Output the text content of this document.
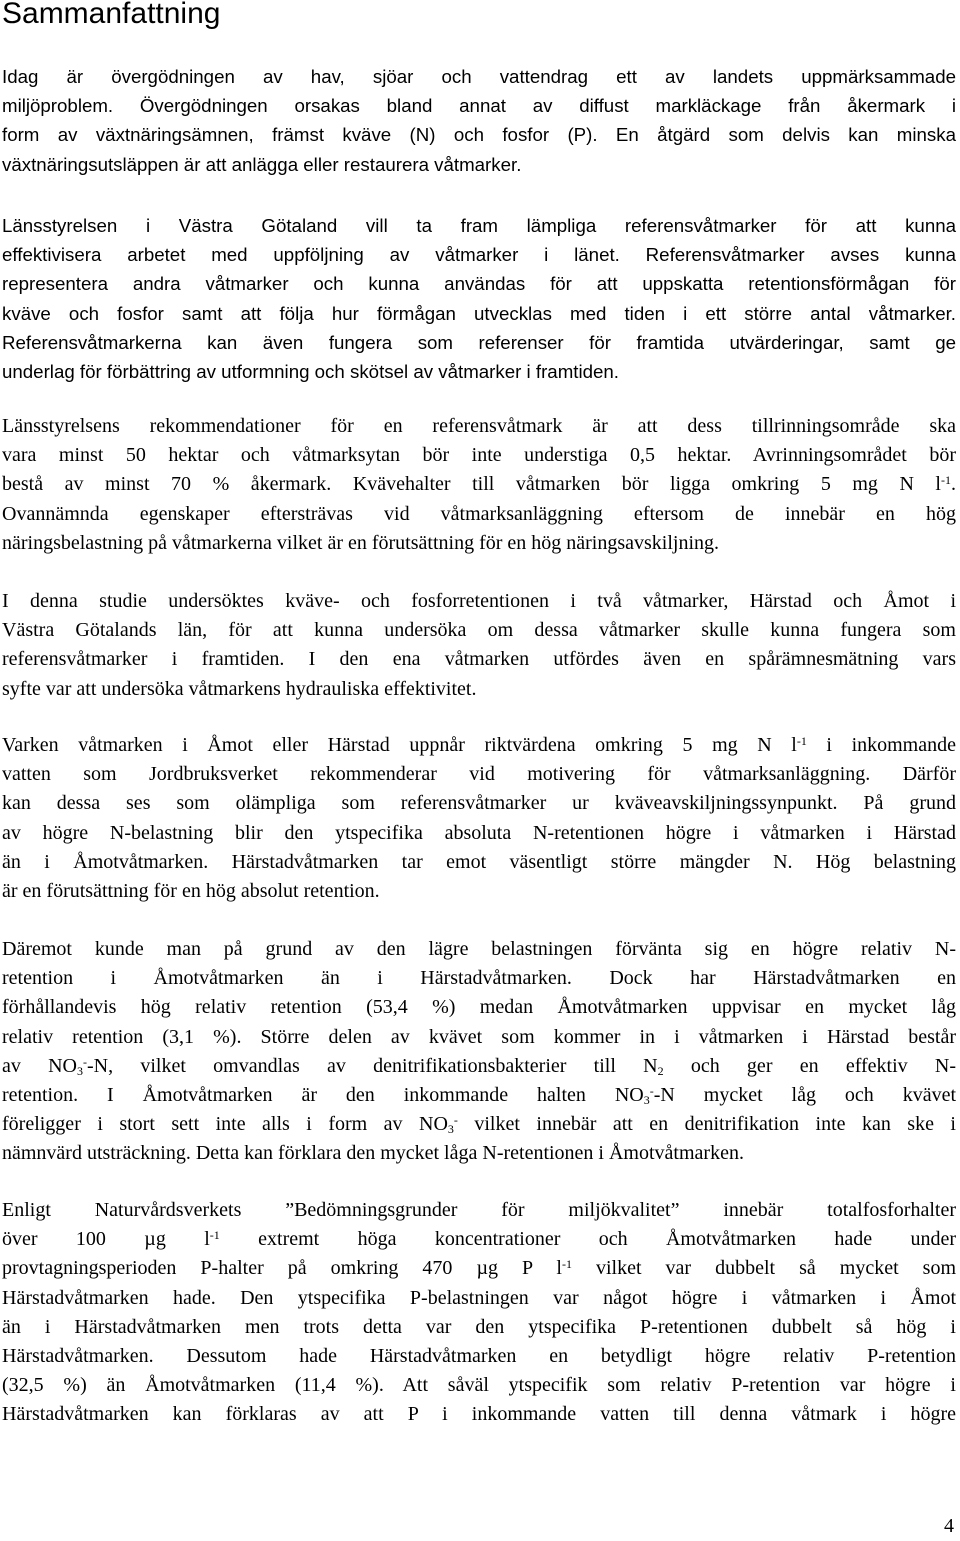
Sammanfattning
Idag är övergödningen av hav, sjöar och vattendrag ett av landets uppmärksammade
miljöproblem. Övergödningen orsakas bland annat av diffust markläckage från åkermark i
form av växtnäringsämnen, främst kväve (N) och fosfor (P). En åtgärd som delvis kan minska
växtnäringsutsläppen är att anlägga eller restaurera våtmarker.
Länsstyrelsen i Västra Götaland vill ta fram lämpliga referensvåtmarker för att kunna
effektivisera arbetet med uppföljning av våtmarker i länet. Referensvåtmarker avses kunna
representera andra våtmarker och kunna användas för att uppskatta retentionsförmågan för
kväve och fosfor samt att följa hur förmågan utvecklas med tiden i ett större antal våtmarker.
Referensvåtmarkerna kan även fungera som referenser för framtida utvärderingar, samt ge
underlag för förbättring av utformning och skötsel av våtmarker i framtiden.
Länsstyrelsens rekommendationer för en referensvåtmark är att dess tillrinningsområde ska
vara minst 50 hektar och våtmarksytan bör inte understiga 0,5 hektar. Avrinningsområdet bör
bestå av minst 70 % åkermark. Kvävehalter till våtmarken bör ligga omkring 5 mg N $l^{-1}$.
Ovannämnda egenskaper eftersträvas vid våtmarksanläggning eftersom de innebär en hög
näringsbelastning på våtmarkerna vilket är en förutsättning för en hög näringsavskiljning.
I denna studie undersöktes kväve- och fosforretentionen i två våtmarker, Härstad och Åmot i
Västra Götalands län, för att kunna undersöka om dessa våtmarker skulle kunna fungera som
referensvåtmarker i framtiden. I den ena våtmarken utfördes även en spårämnesmätning vars
syfte var att undersöka våtmarkens hydrauliska effektivitet.
Varken våtmarken i Åmot eller Härstad uppnår riktvärdena omkring 5 mg N $l^{-1}$ i inkommande
vatten som Jordbruksverket rekommenderar vid motivering för våtmarksanläggning. Därför
kan dessa ses som olämpliga som referensvåtmarker ur kväveavskiljningssynpunkt. På grund
av högre N-belastning blir den ytspecifika absoluta N-retentionen högre i våtmarken i Härstad
än i Åmotvåtmarken. Härstadvåtmarken tar emot väsentligt större mängder N. Hög belastning
är en förutsättning för en hög absolut retention.
Däremot kunde man på grund av den lägre belastningen förvänta sig en högre relativ N-
retention i Åmotvåtmarken än i Härstadvåtmarken. Dock har Härstadvåtmarken en
förhållandevis hög relativ retention (53,4 %) medan Åmotvåtmarken uppvisar en mycket låg
relativ retention (3,1 %). Större delen av kvävet som kommer in i våtmarken i Härstad består
av $NO_3^--N$, vilket omvandlas av denitrifikationsbakterier till $N_2$ och ger en effektiv N-
retention. I Åmotvåtmarken är den inkommande halten $NO_3^--N$ mycket låg och kvävet
föreligger i stort sett inte alls i form av $NO_3^-$ vilket innebär att en denitrifikation inte kan ske i
nämnvärd utsträckning. Detta kan förklara den mycket låga N-retentionen i Åmotvåtmarken.
Enligt Naturvårdsverkets ”Bedömningsgrunder för miljökvalitet” innebär totalfosforhalter
över 100 µg $l^{-1}$ extremt höga koncentrationer och Åmotvåtmarken hade under
provtagningsperioden P-halter på omkring 470 µg P $l^{-1}$ vilket var dubbelt så mycket som
Härstadvåtmarken hade. Den ytspecifika P-belastningen var något högre i våtmarken i Åmot
än i Härstadvåtmarken men trots detta var den ytspecifika P-retentionen dubbelt så hög i
Härstadvåtmarken. Dessutom hade Härstadvåtmarken en betydligt högre relativ P-retention
(32,5 %) än Åmotvåtmarken (11,4 %). Att såväl ytspecifik som relativ P-retention var högre i
Härstadvåtmarken kan förklaras av att P i inkommande vatten till denna våtmark i högre
4
